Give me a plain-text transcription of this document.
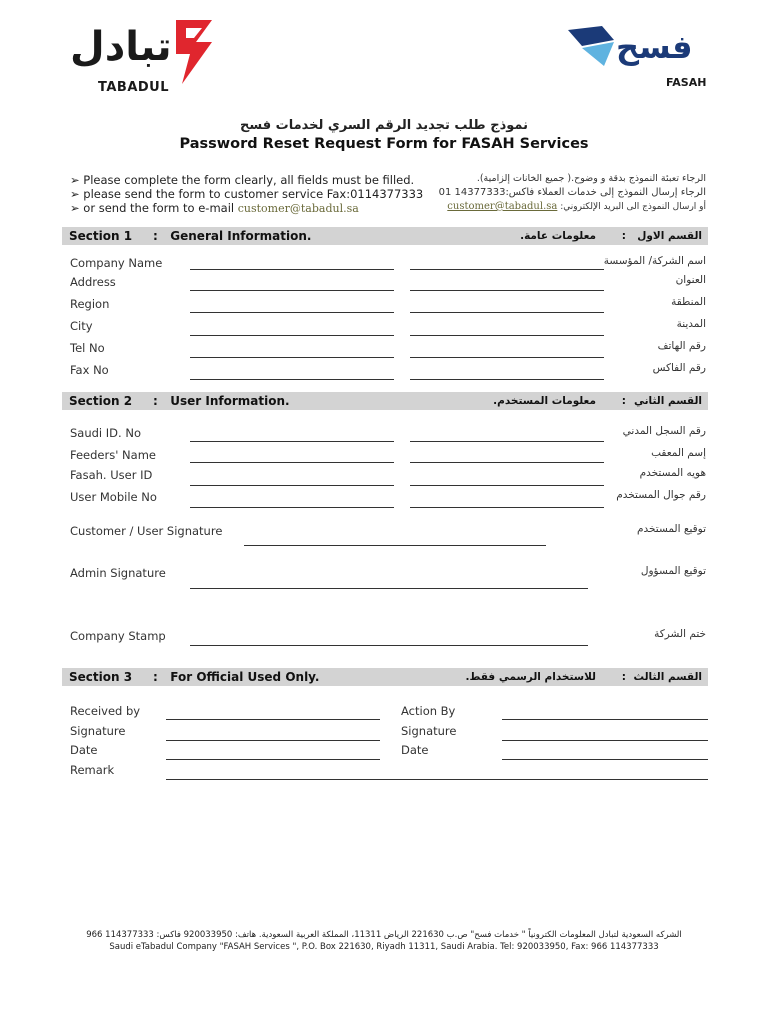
تبادل
TABADUL
فسح
FASAH
نموذج طلب تجديد الرقم السري لخدمات فسح
Password Reset Request Form for FASAH Services
➢ Please complete the form clearly, all fields must be filled.
➢ please send the form to customer service Fax:0114377333
➢ or send the form to e-mail customer@tabadul.sa
الرجاء تعبئة النموذج بدقة و وضوح.( جميع الخانات إلزامية).
الرجاء إرسال النموذج إلى خدمات العملاء فاكس:14377333 01
أو ارسال النموذج الى البريد الإلكتروني: customer@tabadul.sa
Section 1     :   General Information.	القسم الاول
:
معلومات عامة.
Company Name	اسم الشركة/ المؤسسة
Address	العنوان
Region	المنطقة
City	المدينة
Tel No	رقم الهاتف
Fax No	رقم الفاكس
Section 2     :   User Information.	القسم الثاني
:
معلومات المستخدم.
Saudi ID. No	رقم السجل المدني
Feeders' Name	إسم المعقب
Fasah. User ID	هويه المستخدم
User Mobile No	رقم جوال المستخدم
Customer / User Signature	توقيع المستخدم
Admin Signature	توقيع المسؤول
Company Stamp	ختم الشركة
Section 3     :   For Official Used Only.	القسم الثالث
:
للاستخدام الرسمي فقط.
Received by	Action By
Signature	Signature
Date	Date
Remark
الشركه السعودية لتبادل المعلومات الكترونياً " خدمات فسح" ص.ب 221630 الرياض 11311، المملكة العربية السعودية. هاتف: 920033950 فاكس: 114377333 966
Saudi eTabadul Company "FASAH Services ", P.O. Box 221630, Riyadh 11311, Saudi Arabia. Tel: 920033950, Fax: 966 114377333
